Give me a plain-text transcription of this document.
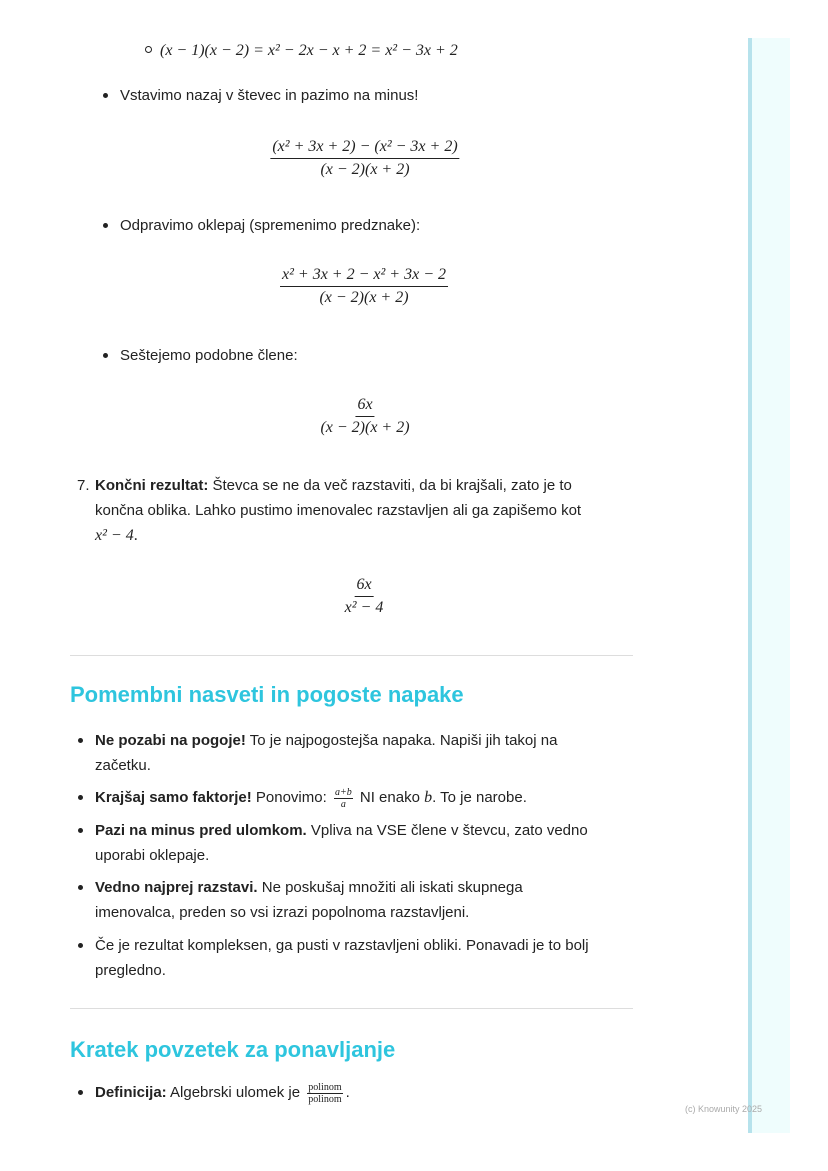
(x − 1)(x − 2) = x² − 2x − x + 2 = x² − 3x + 2
Vstavimo nazaj v števec in pazimo na minus!
$\frac{\text{(x² + 3x + 2) − (x² − 3x + 2)}}{(x - 2)(x + 2)}$
Odpravimo oklepaj (spremenimo predznake):
$\frac{\text{x² + 3x + 2 − x² + 3x − 2}}{(x - 2)(x + 2)}$
Seštejemo podobne člene:
$\frac{6x}{(x - 2)(x + 2)}$
7. Končni rezultat: Števca se ne da več razstaviti, da bi krajšali, zato je to
končna oblika. Lahko pustimo imenovalec razstavljen ali ga zapišemo kot
x² − 4.
$\frac{6x}{\text{x² − 4}}$
Pomembni nasveti in pogoste napake
Ne pozabi na pogoje! To je najpogostejša napaka. Napiši jih takoj na
začetku.
Krajšaj samo faktorje! Ponovimo: $\frac{a+b}{a}$ NI enako b. To je narobe.
Pazi na minus pred ulomkom. Vpliva na VSE člene v števcu, zato vedno
uporabi oklepaje.
Vedno najprej razstavi. Ne poskušaj množiti ali iskati skupnega
imenovalca, preden so vsi izrazi popolnoma razstavljeni.
Če je rezultat kompleksen, ga pusti v razstavljeni obliki. Ponavadi je to bolj
pregledno.
Kratek povzetek za ponavljanje
Definicija: Algebrski ulomek je polinom
polinom .
(c) Knowunity 2025
